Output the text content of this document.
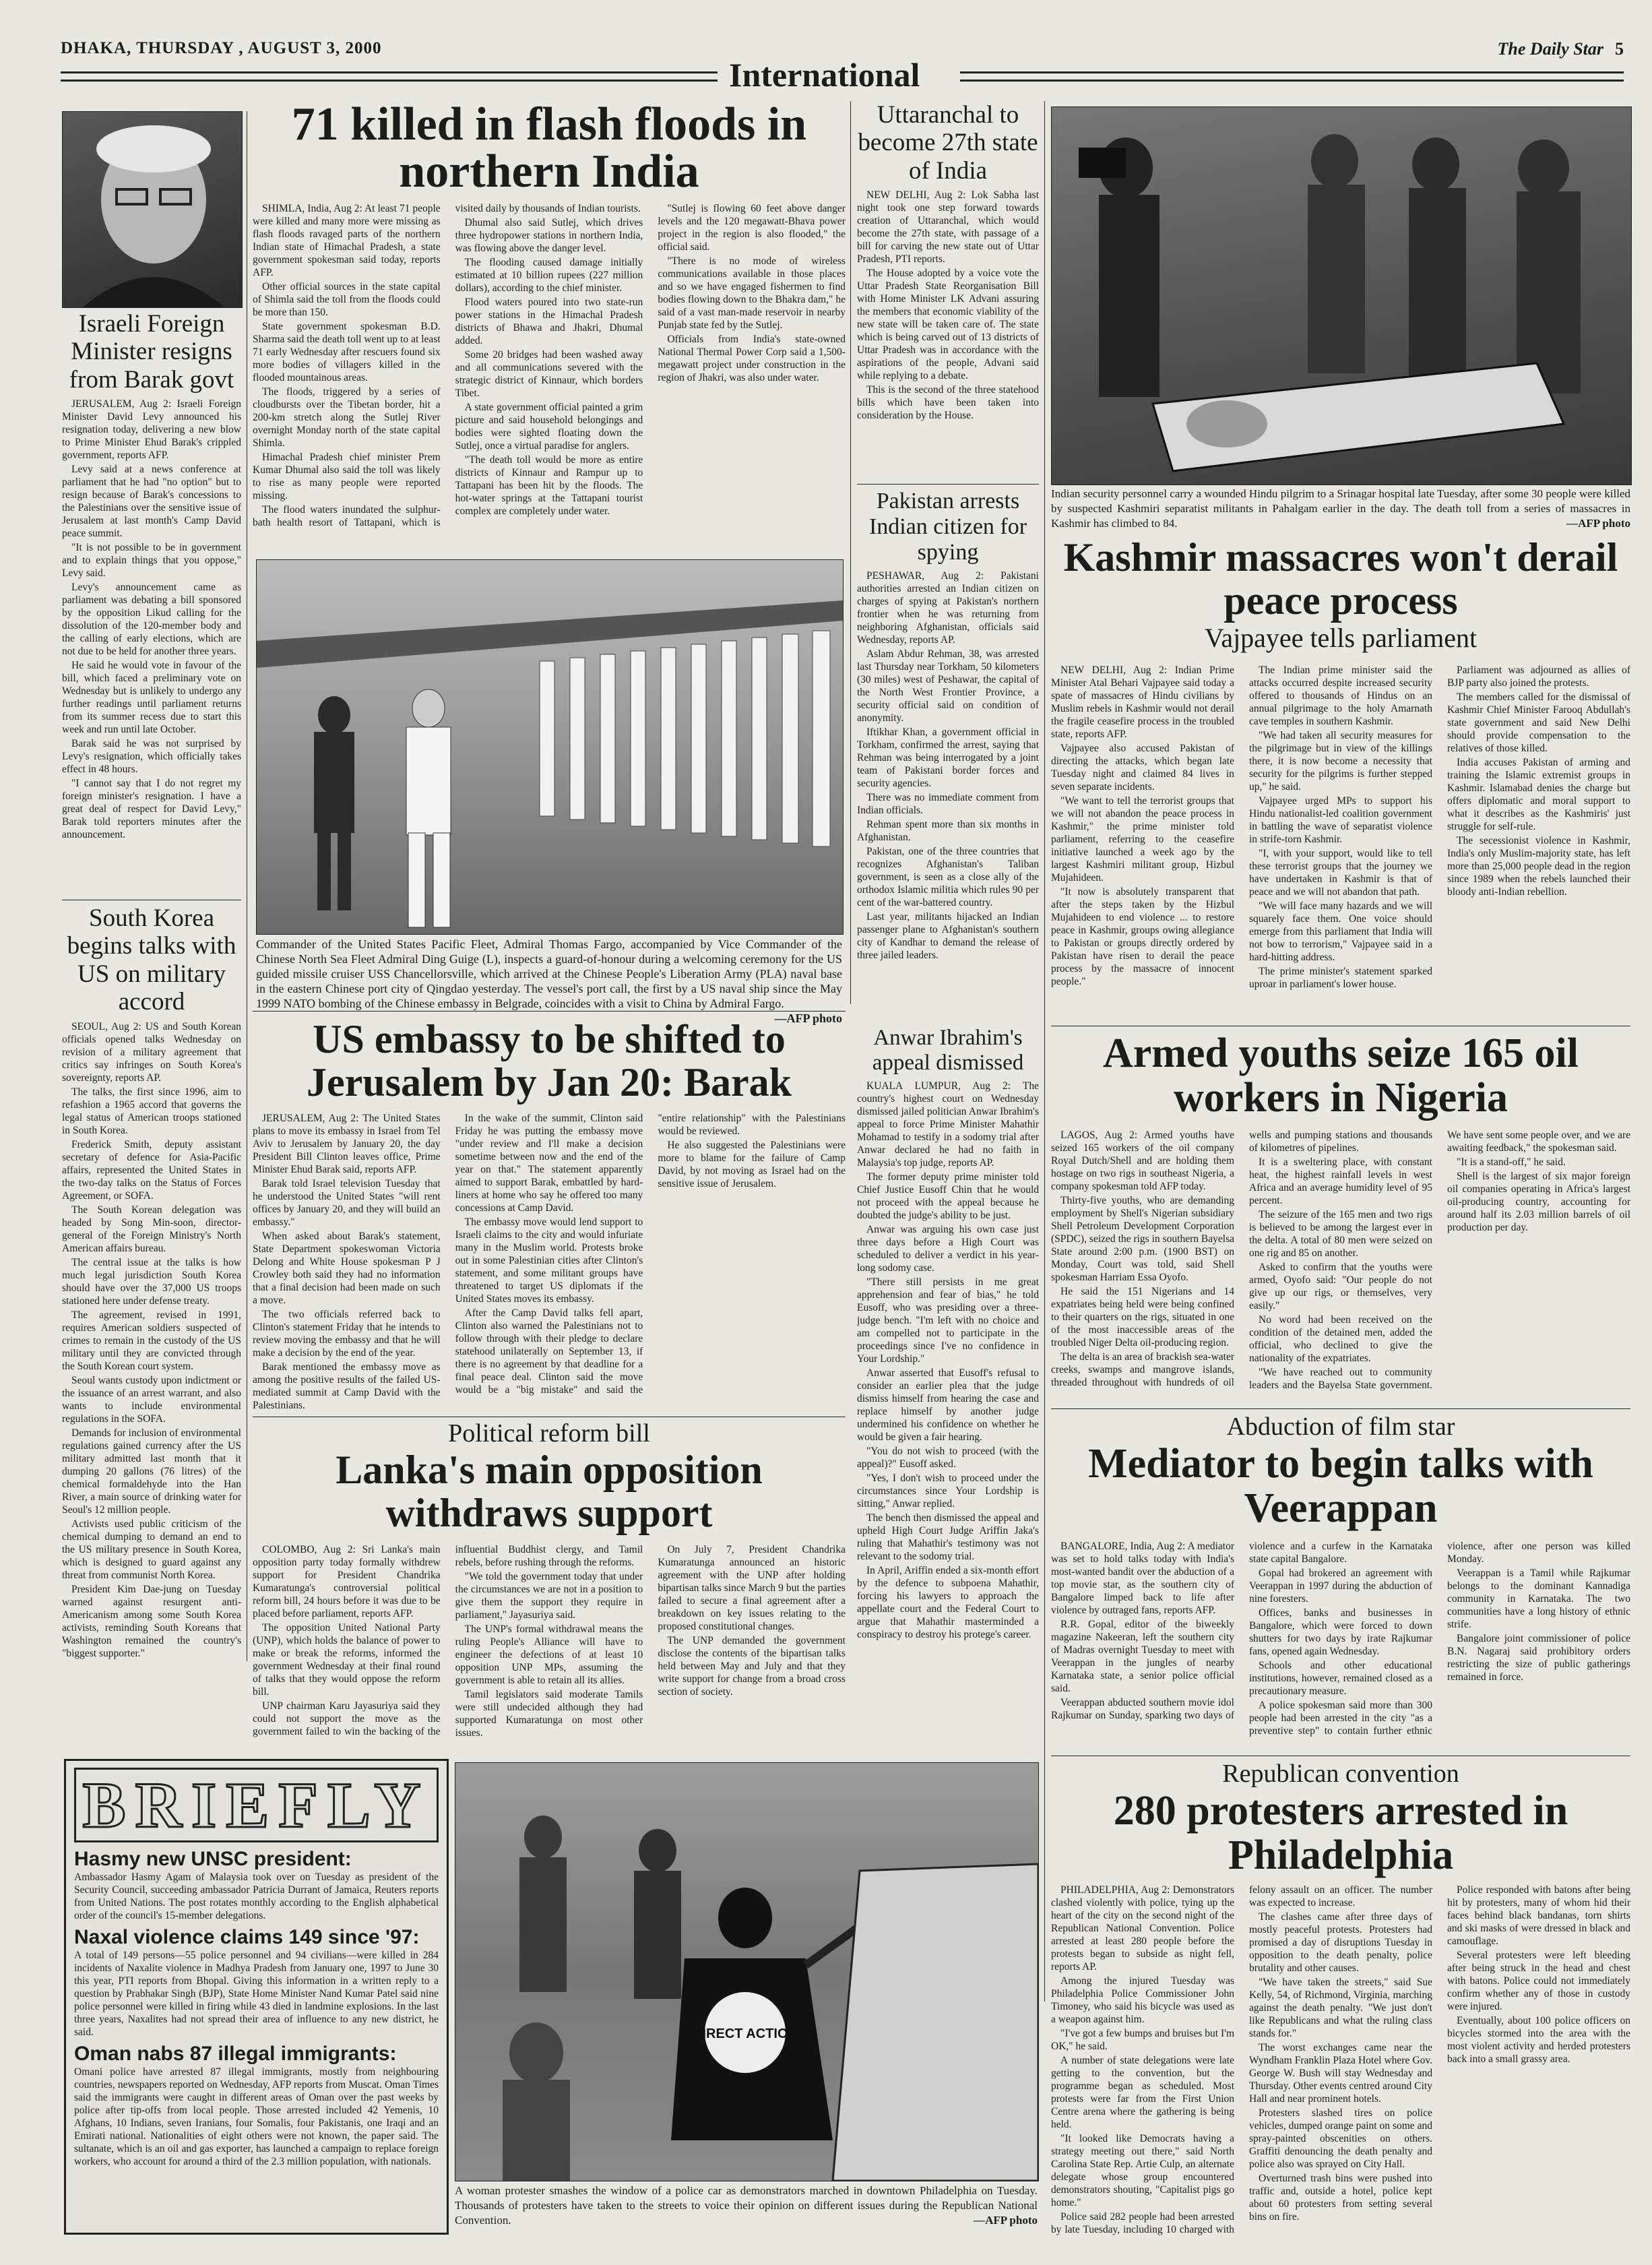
DHAKA, THURSDAY , AUGUST 3, 2000
International
The Daily Star 5
Israeli Foreign Minister resigns from Barak govt

JERUSALEM, Aug 2: Israeli Foreign Minister David Levy announced his resignation today, delivering a new blow to Prime Minister Ehud Barak's crippled government, reports AFP.

Levy said at a news conference at parliament that he had "no option" but to resign because of Barak's concessions to the Palestinians over the sensitive issue of Jerusalem at last month's Camp David peace summit.

"It is not possible to be in government and to explain things that you oppose," Levy said.

Levy's announcement came as parliament was debating a bill sponsored by the opposition Likud calling for the dissolution of the 120-member body and the calling of early elections, which are not due to be held for another three years.

He said he would vote in favour of the bill, which faced a preliminary vote on Wednesday but is unlikely to undergo any further readings until parliament returns from its summer recess due to start this week and run until late October.

Barak said he was not surprised by Levy's resignation, which officially takes effect in 48 hours.

"I cannot say that I do not regret my foreign minister's resignation. I have a great deal of respect for David Levy," Barak told reporters minutes after the announcement.

South Korea begins talks with US on military accord

SEOUL, Aug 2: US and South Korean officials opened talks Wednesday on revision of a military agreement that critics say infringes on South Korea's sovereignty, reports AP.

The talks, the first since 1996, aim to refashion a 1965 accord that governs the legal status of American troops stationed in South Korea.

Frederick Smith, deputy assistant secretary of defence for Asia-Pacific affairs, represented the United States in the two-day talks on the Status of Forces Agreement, or SOFA.

The South Korean delegation was headed by Song Min-soon, director-general of the Foreign Ministry's North American affairs bureau.

The central issue at the talks is how much legal jurisdiction South Korea should have over the 37,000 US troops stationed here under defense treaty.

The agreement, revised in 1991, requires American soldiers suspected of crimes to remain in the custody of the US military until they are convicted through the South Korean court system.

Seoul wants custody upon indictment or the issuance of an arrest warrant, and also wants to include environmental regulations in the SOFA.

Demands for inclusion of environmental regulations gained currency after the US military admitted last month that it dumping 20 gallons (76 litres) of the chemical formaldehyde into the Han River, a main source of drinking water for Seoul's 12 million people.

Activists used public criticism of the chemical dumping to demand an end to the US military presence in South Korea, which is designed to guard against any threat from communist North Korea.

President Kim Dae-jung on Tuesday warned against resurgent anti-Americanism among some South Korea activists, reminding South Koreans that Washington remained the country's "biggest supporter."

71 killed in flash floods in northern India

SHIMLA, India, Aug 2: At least 71 people were killed and many more were missing as flash floods ravaged parts of the northern Indian state of Himachal Pradesh, a state government spokesman said today, reports AFP.

Other official sources in the state capital of Shimla said the toll from the floods could be more than 150.

State government spokesman B.D. Sharma said the death toll went up to at least 71 early Wednesday after rescuers found six more bodies of villagers killed in the flooded mountainous areas.

The floods, triggered by a series of cloudbursts over the Tibetan border, hit a 200-km stretch along the Sutlej River overnight Monday north of the state capital Shimla.

Himachal Pradesh chief minister Prem Kumar Dhumal also said the toll was likely to rise as many people were reported missing.

The flood waters inundated the sulphur-bath health resort of Tattapani, which is visited daily by thousands of Indian tourists.

Dhumal also said Sutlej, which drives three hydropower stations in northern India, was flowing above the danger level.

The flooding caused damage initially estimated at 10 billion rupees (227 million dollars), according to the chief minister.

Flood waters poured into two state-run power stations in the Himachal Pradesh districts of Bhawa and Jhakri, Dhumal added.

Some 20 bridges had been washed away and all communications severed with the strategic district of Kinnaur, which borders Tibet.

A state government official painted a grim picture and said household belongings and bodies were sighted floating down the Sutlej, once a virtual paradise for anglers.

"The death toll would be more as entire districts of Kinnaur and Rampur up to Tattapani has been hit by the floods. The hot-water springs at the Tattapani tourist complex are completely under water.

"Sutlej is flowing 60 feet above danger levels and the 120 megawatt-Bhava power project in the region is also flooded," the official said.

"There is no mode of wireless communications available in those places and so we have engaged fishermen to find bodies flowing down to the Bhakra dam," he said of a vast man-made reservoir in nearby Punjab state fed by the Sutlej.

Officials from India's state-owned National Thermal Power Corp said a 1,500-megawatt project under construction in the region of Jhakri, was also under water.

Commander of the United States Pacific Fleet, Admiral Thomas Fargo, accompanied by Vice Commander of the Chinese North Sea Fleet Admiral Ding Guige (L), inspects a guard-of-honour during a welcoming ceremony for the US guided missile cruiser USS Chancellorsville, which arrived at the Chinese People's Liberation Army (PLA) naval base in the eastern Chinese port city of Qingdao yesterday. The vessel's port call, the first by a US naval ship since the May 1999 NATO bombing of the Chinese embassy in Belgrade, coincides with a visit to China by Admiral Fargo.
—AFP photo
Uttaranchal to become 27th state of India

NEW DELHI, Aug 2: Lok Sabha last night took one step forward towards creation of Uttaranchal, which would become the 27th state, with passage of a bill for carving the new state out of Uttar Pradesh, PTI reports.

The House adopted by a voice vote the Uttar Pradesh State Reorganisation Bill with Home Minister LK Advani assuring the members that economic viability of the new state will be taken care of. The state which is being carved out of 13 districts of Uttar Pradesh was in accordance with the aspirations of the people, Advani said while replying to a debate.

This is the second of the three statehood bills which have been taken into consideration by the House.

Pakistan arrests Indian citizen for spying

PESHAWAR, Aug 2: Pakistani authorities arrested an Indian citizen on charges of spying at Pakistan's northern frontier when he was returning from neighboring Afghanistan, officials said Wednesday, reports AP.

Aslam Abdur Rehman, 38, was arrested last Thursday near Torkham, 50 kilometers (30 miles) west of Peshawar, the capital of the North West Frontier Province, a security official said on condition of anonymity.

Iftikhar Khan, a government official in Torkham, confirmed the arrest, saying that Rehman was being interrogated by a joint team of Pakistani border forces and security agencies.

There was no immediate comment from Indian officials.

Rehman spent more than six months in Afghanistan.

Pakistan, one of the three countries that recognizes Afghanistan's Taliban government, is seen as a close ally of the orthodox Islamic militia which rules 90 per cent of the war-battered country.

Last year, militants hijacked an Indian passenger plane to Afghanistan's southern city of Kandhar to demand the release of three jailed leaders.

Indian security personnel carry a wounded Hindu pilgrim to a Srinagar hospital late Tuesday, after some 30 people were killed by suspected Kashmiri separatist militants in Pahalgam earlier in the day. The death toll from a series of massacres in Kashmir has climbed to 84.	—AFP photo
Kashmir massacres won't derail peace process
Vajpayee tells parliament

NEW DELHI, Aug 2: Indian Prime Minister Atal Behari Vajpayee said today a spate of massacres of Hindu civilians by Muslim rebels in Kashmir would not derail the fragile ceasefire process in the troubled state, reports AFP.

Vajpayee also accused Pakistan of directing the attacks, which began late Tuesday night and claimed 84 lives in seven separate incidents.

"We want to tell the terrorist groups that we will not abandon the peace process in Kashmir," the prime minister told parliament, referring to the ceasefire initiative launched a week ago by the largest Kashmiri militant group, Hizbul Mujahideen.

"It now is absolutely transparent that after the steps taken by the Hizbul Mujahideen to end violence ... to restore peace in Kashmir, groups owing allegiance to Pakistan or groups directly ordered by Pakistan have risen to derail the peace process by the massacre of innocent people."

The Indian prime minister said the attacks occurred despite increased security offered to thousands of Hindus on an annual pilgrimage to the holy Amarnath cave temples in southern Kashmir.

"We had taken all security measures for the pilgrimage but in view of the killings there, it is now become a necessity that security for the pilgrims is further stepped up," he said.

Vajpayee urged MPs to support his Hindu nationalist-led coalition government in battling the wave of separatist violence in strife-torn Kashmir.

"I, with your support, would like to tell these terrorist groups that the journey we have undertaken in Kashmir is that of peace and we will not abandon that path.

"We will face many hazards and we will squarely face them. One voice should emerge from this parliament that India will not bow to terrorism," Vajpayee said in a hard-hitting address.

The prime minister's statement sparked uproar in parliament's lower house.

Parliament was adjourned as allies of BJP party also joined the protests.

The members called for the dismissal of Kashmir Chief Minister Farooq Abdullah's state government and said New Delhi should provide compensation to the relatives of those killed.

India accuses Pakistan of arming and training the Islamic extremist groups in Kashmir. Islamabad denies the charge but offers diplomatic and moral support to what it describes as the Kashmiris' just struggle for self-rule.

The secessionist violence in Kashmir, India's only Muslim-majority state, has left more than 25,000 people dead in the region since 1989 when the rebels launched their bloody anti-Indian rebellion.

US embassy to be shifted to Jerusalem by Jan 20: Barak

JERUSALEM, Aug 2: The United States plans to move its embassy in Israel from Tel Aviv to Jerusalem by January 20, the day President Bill Clinton leaves office, Prime Minister Ehud Barak said, reports AFP.

Barak told Israel television Tuesday that he understood the United States "will rent offices by January 20, and they will build an embassy."

When asked about Barak's statement, State Department spokeswoman Victoria Delong and White House spokesman P J Crowley both said they had no information that a final decision had been made on such a move.

The two officials referred back to Clinton's statement Friday that he intends to review moving the embassy and that he will make a decision by the end of the year.

Barak mentioned the embassy move as among the positive results of the failed US-mediated summit at Camp David with the Palestinians.

In the wake of the summit, Clinton said Friday he was putting the embassy move "under review and I'll make a decision sometime between now and the end of the year on that." The statement apparently aimed to support Barak, embattled by hard-liners at home who say he offered too many concessions at Camp David.

The embassy move would lend support to Israeli claims to the city and would infuriate many in the Muslim world. Protests broke out in some Palestinian cities after Clinton's statement, and some militant groups have threatened to target US diplomats if the United States moves its embassy.

After the Camp David talks fell apart, Clinton also warned the Palestinians not to follow through with their pledge to declare statehood unilaterally on September 13, if there is no agreement by that deadline for a final peace deal. Clinton said the move would be a "big mistake" and said the "entire relationship" with the Palestinians would be reviewed.

He also suggested the Palestinians were more to blame for the failure of Camp David, by not moving as Israel had on the sensitive issue of Jerusalem.

Anwar Ibrahim's appeal dismissed

KUALA LUMPUR, Aug 2: The country's highest court on Wednesday dismissed jailed politician Anwar Ibrahim's appeal to force Prime Minister Mahathir Mohamad to testify in a sodomy trial after Anwar declared he had no faith in Malaysia's top judge, reports AP.

The former deputy prime minister told Chief Justice Eusoff Chin that he would not proceed with the appeal because he doubted the judge's ability to be just.

Anwar was arguing his own case just three days before a High Court was scheduled to deliver a verdict in his year-long sodomy case.

"There still persists in me great apprehension and fear of bias," he told Eusoff, who was presiding over a three-judge bench. "I'm left with no choice and am compelled not to participate in the proceedings since I've no confidence in Your Lordship."

Anwar asserted that Eusoff's refusal to consider an earlier plea that the judge dismiss himself from hearing the case and replace himself by another judge undermined his confidence on whether he would be given a fair hearing.

"You do not wish to proceed (with the appeal)?" Eusoff asked.

"Yes, I don't wish to proceed under the circumstances since Your Lordship is sitting," Anwar replied.

The bench then dismissed the appeal and upheld High Court Judge Ariffin Jaka's ruling that Mahathir's testimony was not relevant to the sodomy trial.

In April, Ariffin ended a six-month effort by the defence to subpoena Mahathir, forcing his lawyers to approach the appellate court and the Federal Court to argue that Mahathir masterminded a conspiracy to destroy his protege's career.

Armed youths seize 165 oil workers in Nigeria

LAGOS, Aug 2: Armed youths have seized 165 workers of the oil company Royal Dutch/Shell and are holding them hostage on two rigs in southeast Nigeria, a company spokesman told AFP today.

Thirty-five youths, who are demanding employment by Shell's Nigerian subsidiary Shell Petroleum Development Corporation (SPDC), seized the rigs in southern Bayelsa State around 2:00 p.m. (1900 BST) on Monday, Court was told, said Shell spokesman Harriam Essa Oyofo.

He said the 151 Nigerians and 14 expatriates being held were being confined to their quarters on the rigs, situated in one of the most inaccessible areas of the troubled Niger Delta oil-producing region.

The delta is an area of brackish sea-water creeks, swamps and mangrove islands, threaded throughout with hundreds of oil wells and pumping stations and thousands of kilometres of pipelines.

It is a sweltering place, with constant heat, the highest rainfall levels in west Africa and an average humidity level of 95 percent.

The seizure of the 165 men and two rigs is believed to be among the largest ever in the delta. A total of 80 men were seized on one rig and 85 on another.

Asked to confirm that the youths were armed, Oyofo said: "Our people do not give up our rigs, or themselves, very easily."

No word had been received on the condition of the detained men, added the official, who declined to give the nationality of the expatriates.

"We have reached out to community leaders and the Bayelsa State government. We have sent some people over, and we are awaiting feedback," the spokesman said.

"It is a stand-off," he said.

Shell is the largest of six major foreign oil companies operating in Africa's largest oil-producing country, accounting for around half its 2.03 million barrels of oil production per day.

Political reform bill
Lanka's main opposition withdraws support

COLOMBO, Aug 2: Sri Lanka's main opposition party today formally withdrew support for President Chandrika Kumaratunga's controversial political reform bill, 24 hours before it was due to be placed before parliament, reports AFP.

The opposition United National Party (UNP), which holds the balance of power to make or break the reforms, informed the government Wednesday at their final round of talks that they would oppose the reform bill.

UNP chairman Karu Jayasuriya said they could not support the move as the government failed to win the backing of the influential Buddhist clergy, and Tamil rebels, before rushing through the reforms.

"We told the government today that under the circumstances we are not in a position to give them the support they require in parliament," Jayasuriya said.

The UNP's formal withdrawal means the ruling People's Alliance will have to engineer the defections of at least 10 opposition UNP MPs, assuming the government is able to retain all its allies.

Tamil legislators said moderate Tamils were still undecided although they had supported Kumaratunga on most other issues.

On July 7, President Chandrika Kumaratunga announced an historic agreement with the UNP after holding bipartisan talks since March 9 but the parties failed to secure a final agreement after a breakdown on key issues relating to the proposed constitutional changes.

The UNP demanded the government disclose the contents of the bipartisan talks held between May and July and that they write support for change from a broad cross section of society.

Abduction of film star
Mediator to begin talks with Veerappan

BANGALORE, India, Aug 2: A mediator was set to hold talks today with India's most-wanted bandit over the abduction of a top movie star, as the southern city of Bangalore limped back to life after violence by outraged fans, reports AFP.

R.R. Gopal, editor of the biweekly magazine Nakeeran, left the southern city of Madras overnight Tuesday to meet with Veerappan in the jungles of nearby Karnataka state, a senior police official said.

Veerappan abducted southern movie idol Rajkumar on Sunday, sparking two days of violence and a curfew in the Karnataka state capital Bangalore.

Gopal had brokered an agreement with Veerappan in 1997 during the abduction of nine foresters.

Offices, banks and businesses in Bangalore, which were forced to down shutters for two days by irate Rajkumar fans, opened again Wednesday.

Schools and other educational institutions, however, remained closed as a precautionary measure.

A police spokesman said more than 300 people had been arrested in the city "as a preventive step" to contain further ethnic violence, after one person was killed Monday.

Veerappan is a Tamil while Rajkumar belongs to the dominant Kannadiga community in Karnataka. The two communities have a long history of ethnic strife.

Bangalore joint commissioner of police B.N. Nagaraj said prohibitory orders restricting the size of public gatherings remained in force.

BRIEFLY
Hasmy new UNSC president:

Ambassador Hasmy Agam of Malaysia took over on Tuesday as president of the Security Council, succeeding ambassador Patricia Durrant of Jamaica, Reuters reports from United Nations. The post rotates monthly according to the English alphabetical order of the council's 15-member delegations.

Naxal violence claims 149 since '97:

A total of 149 persons—55 police personnel and 94 civilians—were killed in 284 incidents of Naxalite violence in Madhya Pradesh from January one, 1997 to June 30 this year, PTI reports from Bhopal. Giving this information in a written reply to a question by Prabhakar Singh (BJP), State Home Minister Nand Kumar Patel said nine police personnel were killed in firing while 43 died in landmine explosions. In the last three years, Naxalites had not spread their area of influence to any new district, he said.

Oman nabs 87 illegal immigrants:

Omani police have arrested 87 illegal immigrants, mostly from neighbouring countries, newspapers reported on Wednesday, AFP reports from Muscat. Oman Times said the immigrants were caught in different areas of Oman over the past weeks by police after tip-offs from local people. Those arrested included 42 Yemenis, 10 Afghans, 10 Indians, seven Iranians, four Somalis, four Pakistanis, one Iraqi and an Emirati national. Nationalities of eight others were not known, the paper said. The sultanate, which is an oil and gas exporter, has launched a campaign to replace foreign workers, who account for around a third of the 2.3 million population, with nationals.

DIRECT ACTION
A woman protester smashes the window of a police car as demonstrators marched in downtown Philadelphia on Tuesday. Thousands of protesters have taken to the streets to voice their opinion on different issues during the Republican National Convention.	—AFP photo
Republican convention
280 protesters arrested in Philadelphia

PHILADELPHIA, Aug 2: Demonstrators clashed violently with police, tying up the heart of the city on the second night of the Republican National Convention. Police arrested at least 280 people before the protests began to subside as night fell, reports AP.

Among the injured Tuesday was Philadelphia Police Commissioner John Timoney, who said his bicycle was used as a weapon against him.

"I've got a few bumps and bruises but I'm OK," he said.

A number of state delegations were late getting to the convention, but the programme began as scheduled. Most protests were far from the First Union Centre arena where the gathering is being held.

"It looked like Democrats having a strategy meeting out there," said North Carolina State Rep. Artie Culp, an alternate delegate whose group encountered demonstrators shouting, "Capitalist pigs go home."

Police said 282 people had been arrested by late Tuesday, including 10 charged with felony assault on an officer. The number was expected to increase.

The clashes came after three days of mostly peaceful protests. Protesters had promised a day of disruptions Tuesday in opposition to the death penalty, police brutality and other causes.

"We have taken the streets," said Sue Kelly, 54, of Richmond, Virginia, marching against the death penalty. "We just don't like Republicans and what the ruling class stands for."

The worst exchanges came near the Wyndham Franklin Plaza Hotel where Gov. George W. Bush will stay Wednesday and Thursday. Other events centred around City Hall and near prominent hotels.

Protesters slashed tires on police vehicles, dumped orange paint on some and spray-painted obscenities on others. Graffiti denouncing the death penalty and police also was sprayed on City Hall.

Overturned trash bins were pushed into traffic and, outside a hotel, police kept about 60 protesters from setting several bins on fire.

Police responded with batons after being hit by protesters, many of whom hid their faces behind black bandanas, torn shirts and ski masks of were dressed in black and camouflage.

Several protesters were left bleeding after being struck in the head and chest with batons. Police could not immediately confirm whether any of those in custody were injured.

Eventually, about 100 police officers on bicycles stormed into the area with the most violent activity and herded protesters back into a small grassy area.
